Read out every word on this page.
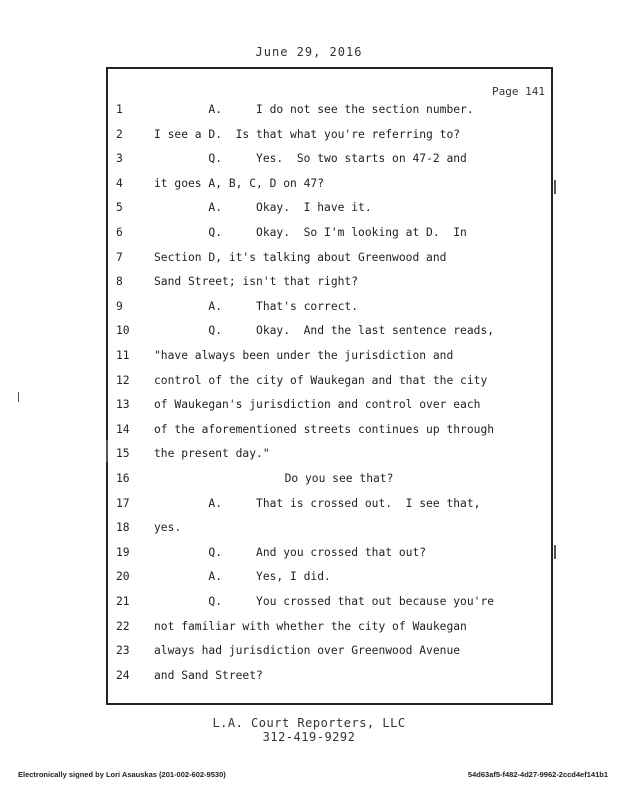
June 29, 2016
Page 141
1	A.     I do not see the section number.
2	I see a D.  Is that what you're referring to?
3	Q.     Yes.  So two starts on 47-2 and
4	it goes A, B, C, D on 47?
5	A.     Okay.  I have it.
6	Q.     Okay.  So I'm looking at D.  In
7	Section D, it's talking about Greenwood and
8	Sand Street; isn't that right?
9	A.     That's correct.
10	Q.     Okay.  And the last sentence reads,
11	"have always been under the jurisdiction and
12	control of the city of Waukegan and that the city
13	of Waukegan's jurisdiction and control over each
14	of the aforementioned streets continues up through
15	the present day."
16	Do you see that?
17	A.     That is crossed out.  I see that,
18	yes.
19	Q.     And you crossed that out?
20	A.     Yes, I did.
21	Q.     You crossed that out because you're
22	not familiar with whether the city of Waukegan
23	always had jurisdiction over Greenwood Avenue
24	and Sand Street?
L.A. Court Reporters, LLC
312-419-9292
Electronically signed by Lori Asauskas (201-002-602-9530)	54d63af5-f482-4d27-9962-2ccd4ef141b1
